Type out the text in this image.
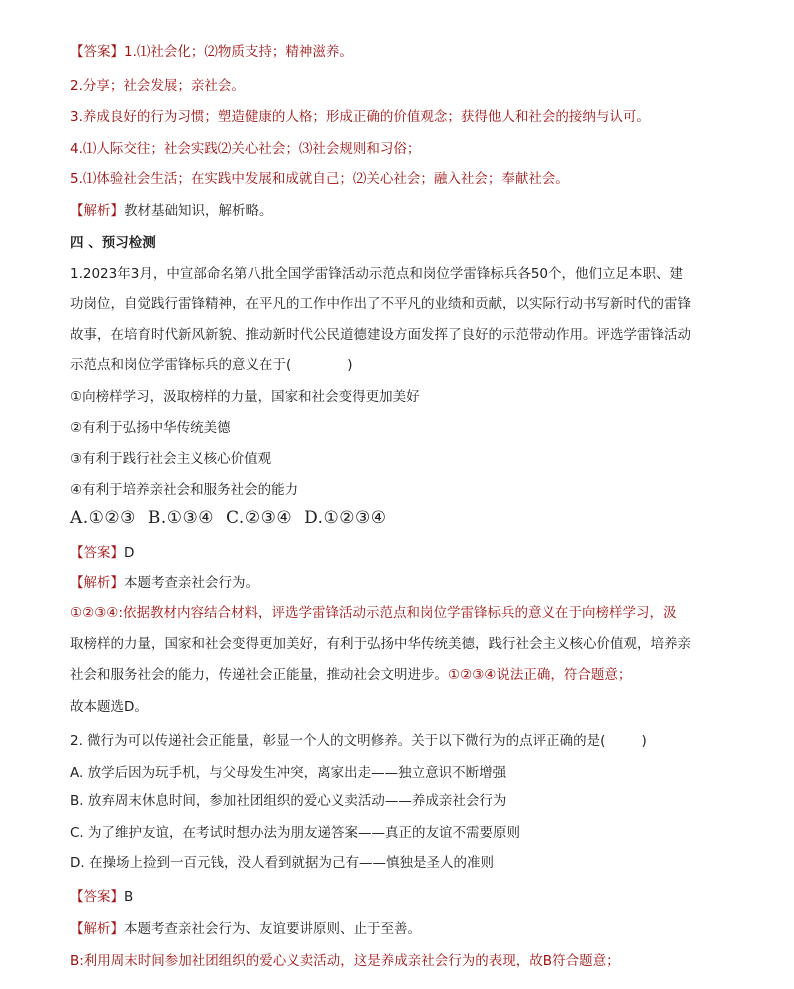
【答案】1.⑴社会化；⑵物质支持；精神滋养。
2.分享；社会发展；亲社会。
3.养成良好的行为习惯；塑造健康的人格；形成正确的价值观念；获得他人和社会的接纳与认可。
4.⑴人际交往；社会实践⑵关心社会；⑶社会规则和习俗；
5.⑴体验社会生活；在实践中发展和成就自己；⑵关心社会；融入社会；奉献社会。
【解析】教材基础知识，解析略。
四 、预习检测
1.2023年3月，中宣部命名第八批全国学雷锋活动示范点和岗位学雷锋标兵各50个，他们立足本职、建
功岗位，自觉践行雷锋精神，在平凡的工作中作出了不平凡的业绩和贡献，以实际行动书写新时代的雷锋
故事，在培育时代新风新貌、推动新时代公民道德建设方面发挥了良好的示范带动作用。评选学雷锋活动
示范点和岗位学雷锋标兵的意义在于(	)
①向榜样学习，汲取榜样的力量，国家和社会变得更加美好
②有利于弘扬中华传统美德
③有利于践行社会主义核心价值观
④有利于培养亲社会和服务社会的能力
A.①②③ B.①③④ C.②③④ D.①②③④
【答案】D
【解析】本题考查亲社会行为。
①②③④:依据教材内容结合材料，评选学雷锋活动示范点和岗位学雷锋标兵的意义在于向榜样学习，汲
取榜样的力量，国家和社会变得更加美好，有利于弘扬中华传统美德，践行社会主义核心价值观，培养亲
社会和服务社会的能力，传递社会正能量，推动社会文明进步。①②③④说法正确，符合题意；
故本题选D。
2. 微行为可以传递社会正能量，彰显一个人的文明修养。关于以下微行为的点评正确的是(	)
A. 放学后因为玩手机，与父母发生冲突，离家出走——独立意识不断增强
B. 放弃周末休息时间，参加社团组织的爱心义卖活动——养成亲社会行为
C. 为了维护友谊，在考试时想办法为朋友递答案——真正的友谊不需要原则
D. 在操场上捡到一百元钱，没人看到就据为己有——慎独是圣人的准则
【答案】B
【解析】本题考查亲社会行为、友谊要讲原则、止于至善。
B:利用周末时间参加社团组织的爱心义卖活动，这是养成亲社会行为的表现，故B符合题意；
